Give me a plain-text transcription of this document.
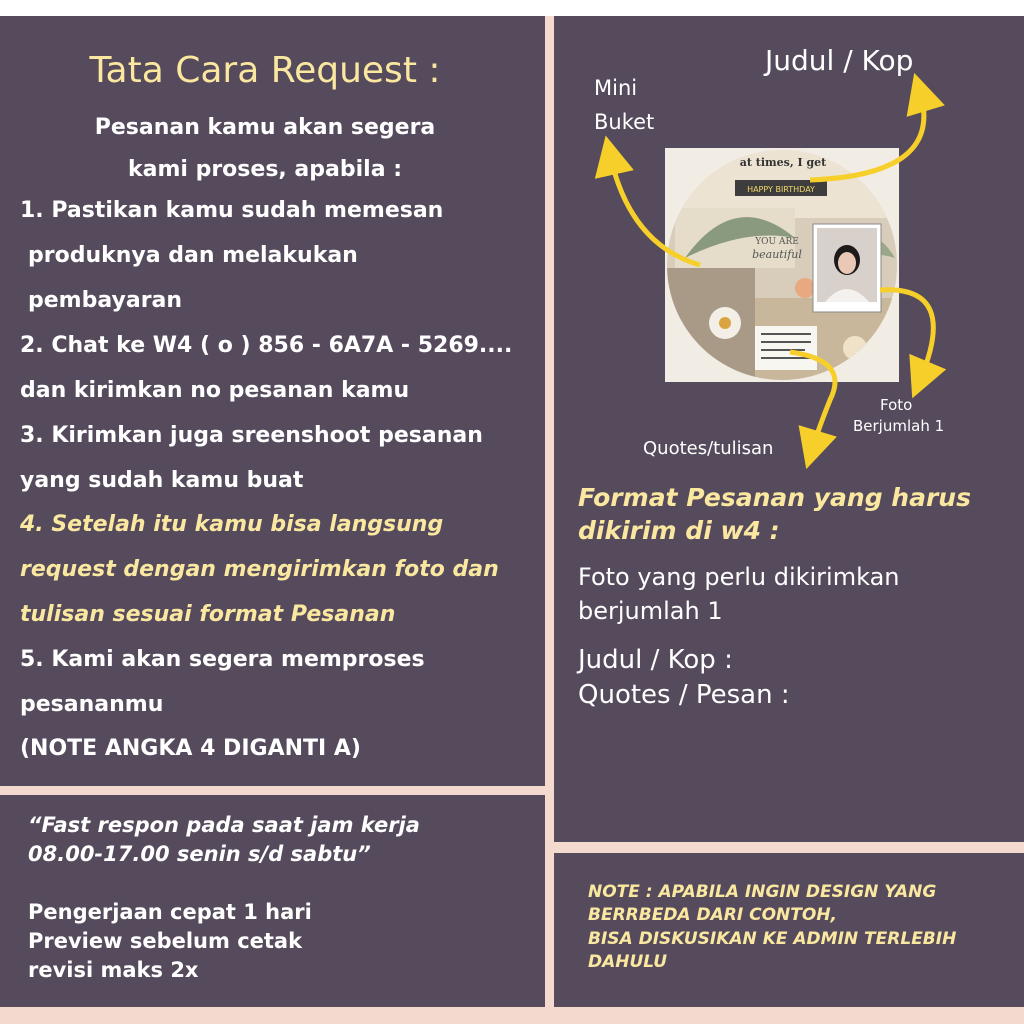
Tata Cara Request :

Pesanan kamu akan segera

kami proses, apabila :

1. Pastikan kamu sudah memesan

produknya dan melakukan

pembayaran

2. Chat ke W4 ( o ) 856 - 6A7A - 5269....

dan kirimkan no pesanan kamu

3. Kirimkan juga sreenshoot pesanan

yang sudah kamu buat

4. Setelah itu kamu bisa langsung

request dengan mengirimkan foto dan

tulisan sesuai format Pesanan

5. Kami akan segera memproses

pesananmu

(NOTE ANGKA 4 DIGANTI A)

“Fast respon pada saat jam kerja

08.00-17.00 senin s/d sabtu”

Pengerjaan cepat 1 hari

Preview sebelum cetak

revisi maks 2x

at times, I get
HAPPY BIRTHDAY
YOU ARE
beautiful

Mini

Buket

Judul / Kop

Foto

Berjumlah 1

Quotes/tulisan

Format Pesanan yang harus

dikirim di w4 :

Foto yang perlu dikirimkan

berjumlah 1

Judul / Kop :

Quotes / Pesan :

NOTE : APABILA INGIN DESIGN YANG

BERRBEDA DARI CONTOH,

BISA DISKUSIKAN KE ADMIN TERLEBIH

DAHULU
